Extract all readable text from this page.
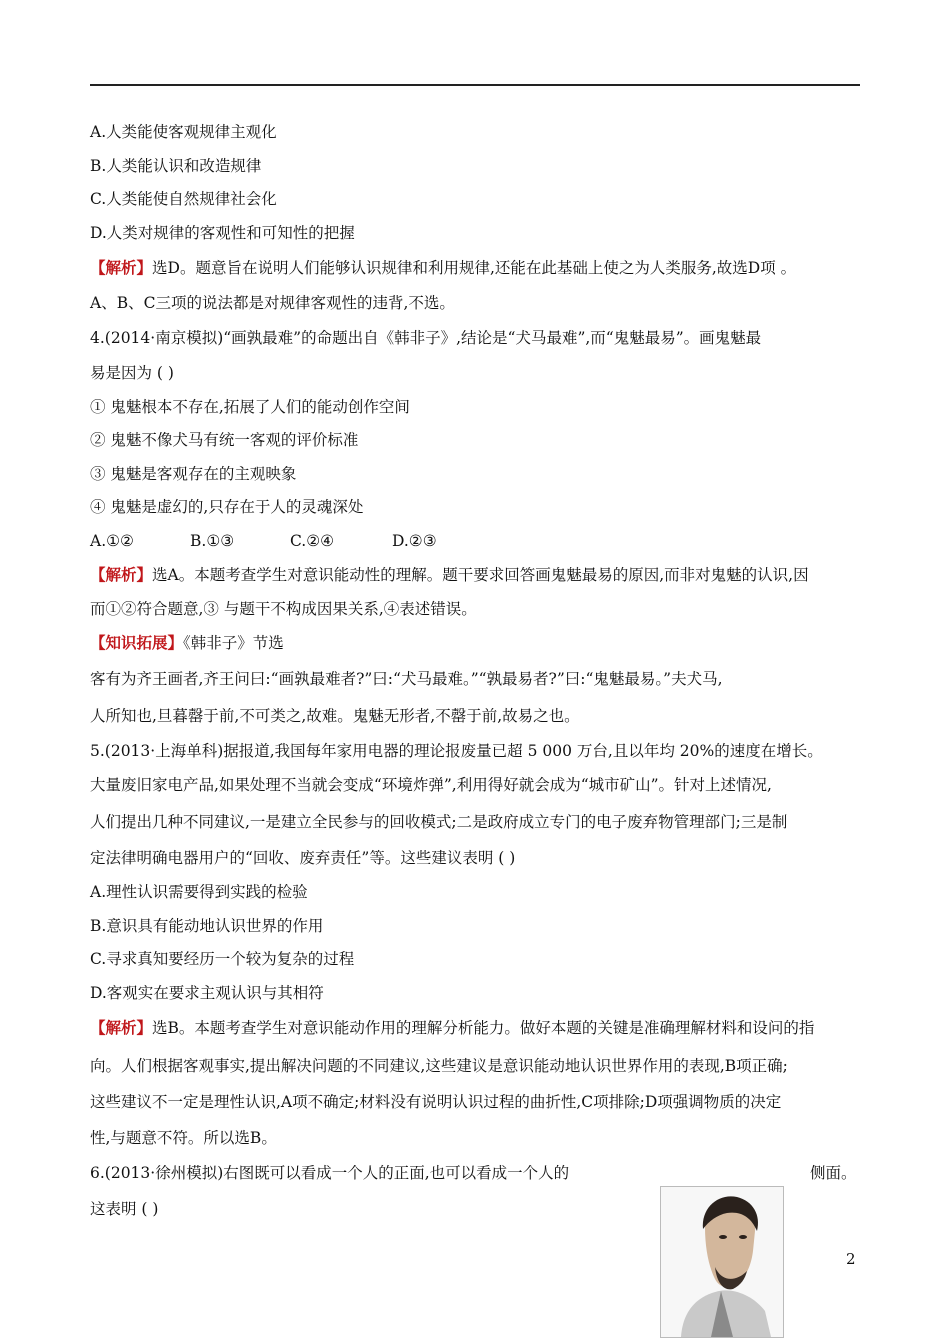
A.人类能使客观规律主观化
B.人类能认识和改造规律
C.人类能使自然规律社会化
D.人类对规律的客观性和可知性的把握
【解析】选D。题意旨在说明人们能够认识规律和利用规律,还能在此基础上使之为人类服务,故选D项 。
A、B、C三项的说法都是对规律客观性的违背,不选。
4.(2014·南京模拟)“画孰最难”的命题出自《韩非子》,结论是“犬马最难”,而“鬼魅最易”。画鬼魅最
易是因为 ( )
① 鬼魅根本不存在,拓展了人们的能动创作空间
② 鬼魅不像犬马有统一客观的评价标准
③ 鬼魅是客观存在的主观映象
④ 鬼魅是虚幻的,只存在于人的灵魂深处
A.①②	B.①③	C.②④	D.②③
【解析】选A。本题考查学生对意识能动性的理解。题干要求回答画鬼魅最易的原因,而非对鬼魅的认识,因
而①②符合题意,③ 与题干不构成因果关系,④表述错误。
【知识拓展】《韩非子》节选
客有为齐王画者,齐王问曰:“画孰最难者?”曰:“犬马最难。”“孰最易者?”曰:“鬼魅最易。”夫犬马,
人所知也,旦暮罄于前,不可类之,故难。鬼魅无形者,不罄于前,故易之也。
5.(2013·上海单科)据报道,我国每年家用电器的理论报废量已超 5 000 万台,且以年均 20%的速度在增长。
大量废旧家电产品,如果处理不当就会变成“环境炸弹”,利用得好就会成为“城市矿山”。针对上述情况,
人们提出几种不同建议,一是建立全民参与的回收模式;二是政府成立专门的电子废弃物管理部门;三是制
定法律明确电器用户的“回收、废弃责任”等。这些建议表明 ( )
A.理性认识需要得到实践的检验
B.意识具有能动地认识世界的作用
C.寻求真知要经历一个较为复杂的过程
D.客观实在要求主观认识与其相符
【解析】选B。本题考查学生对意识能动作用的理解分析能力。做好本题的关键是准确理解材料和设问的指
向。人们根据客观事实,提出解决问题的不同建议,这些建议是意识能动地认识世界作用的表现,B项正确;
这些建议不一定是理性认识,A项不确定;材料没有说明认识过程的曲折性,C项排除;D项强调物质的决定
性,与题意不符。所以选B。
6.(2013·徐州模拟)右图既可以看成一个人的正面,也可以看成一个人的	侧面。
这表明 ( )
2
